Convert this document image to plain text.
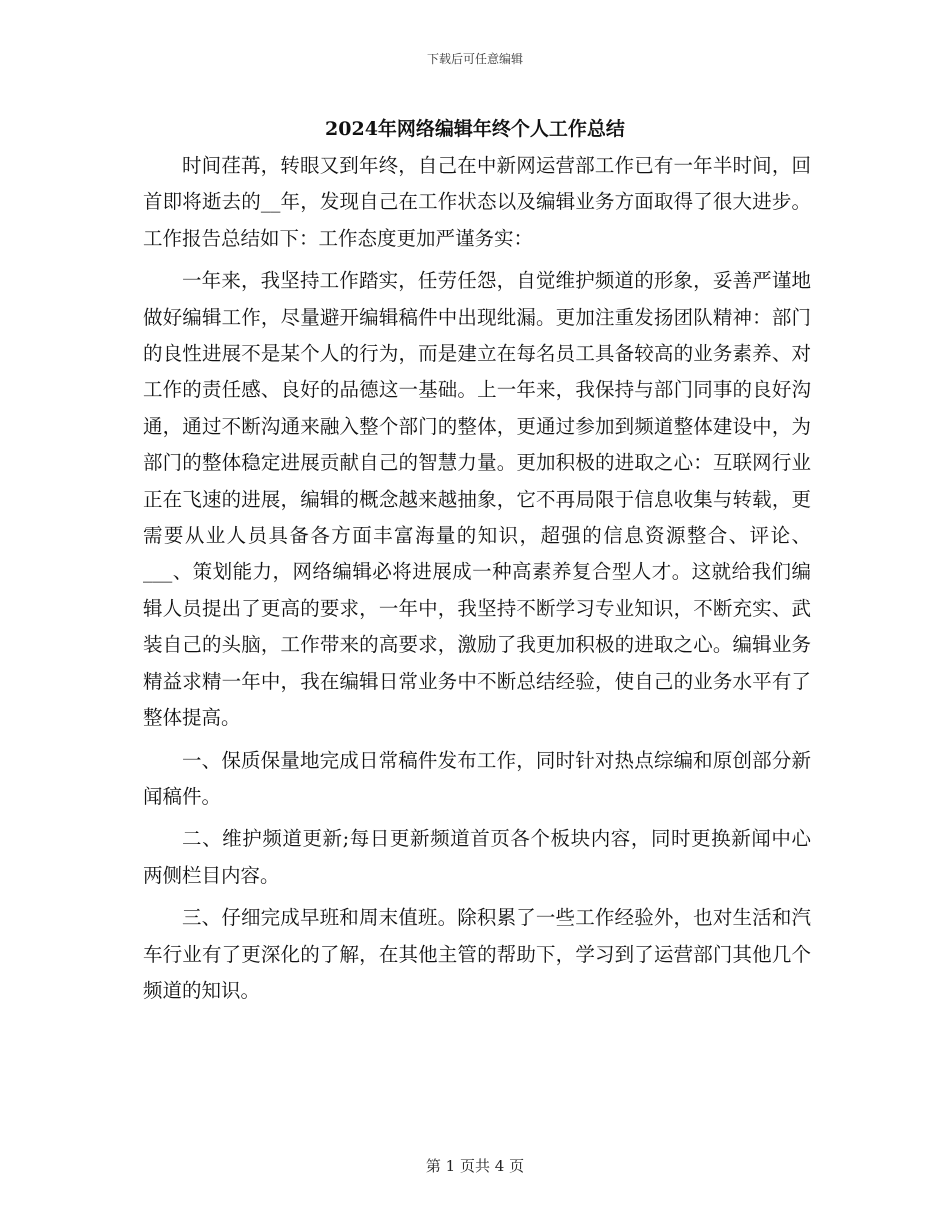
下载后可任意编辑
2024年网络编辑年终个人工作总结

时间荏苒，转眼又到年终，自己在中新网运营部工作已有一年半时间，回首即将逝去的__年，发现自己在工作状态以及编辑业务方面取得了很大进步。工作报告总结如下：工作态度更加严谨务实：

一年来，我坚持工作踏实，任劳任怨，自觉维护频道的形象，妥善严谨地做好编辑工作，尽量避开编辑稿件中出现纰漏。更加注重发扬团队精神：部门的良性进展不是某个人的行为，而是建立在每名员工具备较高的业务素养、对工作的责任感、良好的品德这一基础。上一年来，我保持与部门同事的良好沟通，通过不断沟通来融入整个部门的整体，更通过参加到频道整体建设中，为部门的整体稳定进展贡献自己的智慧力量。更加积极的进取之心：互联网行业正在飞速的进展，编辑的概念越来越抽象，它不再局限于信息收集与转载，更需要从业人员具备各方面丰富海量的知识，超强的信息资源整合、评论、___、策划能力，网络编辑必将进展成一种高素养复合型人才。这就给我们编辑人员提出了更高的要求，一年中，我坚持不断学习专业知识，不断充实、武装自己的头脑，工作带来的高要求，激励了我更加积极的进取之心。编辑业务精益求精一年中，我在编辑日常业务中不断总结经验，使自己的业务水平有了整体提高。

一、保质保量地完成日常稿件发布工作，同时针对热点综编和原创部分新闻稿件。

二、维护频道更新;每日更新频道首页各个板块内容，同时更换新闻中心两侧栏目内容。

三、仔细完成早班和周末值班。除积累了一些工作经验外，也对生活和汽车行业有了更深化的了解，在其他主管的帮助下，学习到了运营部门其他几个频道的知识。

第 1 页共 4 页
